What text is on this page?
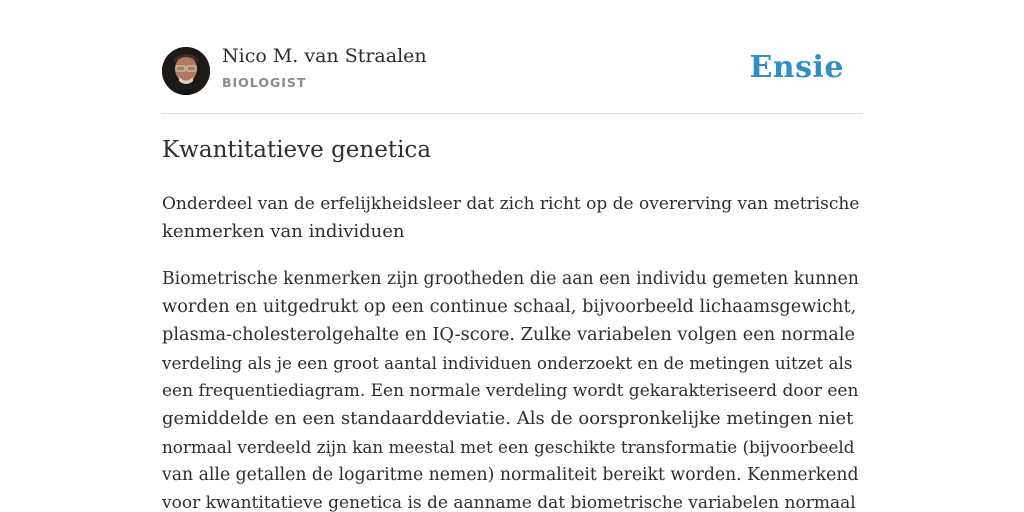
Nico M. van Straalen
BIOLOGIST	Ensie
Kwantitatieve genetica
Onderdeel van de erfelijkheidsleer dat zich richt op de overerving van metrische
kenmerken van individuen
Biometrische kenmerken zijn grootheden die aan een individu gemeten kunnen
worden en uitgedrukt op een continue schaal, bijvoorbeeld lichaamsgewicht,
plasma-cholesterolgehalte en IQ-score. Zulke variabelen volgen een normale
verdeling als je een groot aantal individuen onderzoekt en de metingen uitzet als
een frequentiediagram. Een normale verdeling wordt gekarakteriseerd door een
gemiddelde en een standaarddeviatie. Als de oorspronkelijke metingen niet
normaal verdeeld zijn kan meestal met een geschikte transformatie (bijvoorbeeld
van alle getallen de logaritme nemen) normaliteit bereikt worden. Kenmerkend
voor kwantitatieve genetica is de aanname dat biometrische variabelen normaal
